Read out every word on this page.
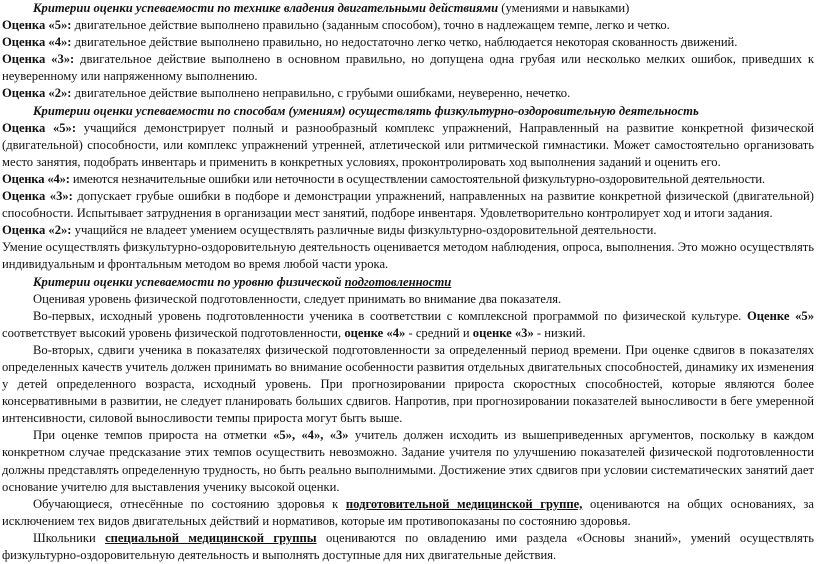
Критерии оценки успеваемости по технике владения двигательными действиями (умениями и навыками)

Оценка «5»: двигательное действие выполнено правильно (заданным способом), точно в надлежащем темпе, легко и четко.

Оценка «4»: двигательное действие выполнено правильно, но недостаточно легко четко, наблюдается некоторая скованность движений.

Оценка «3»: двигательное действие выполнено в основном правильно, но допущена одна грубая или несколько мелких ошибок, приведших к неуверенному или напряженному выполнению.

Оценка «2»: двигательное действие выполнено неправильно, с грубыми ошибками, неуверенно, нечетко.

Критерии оценки успеваемости по способам (умениям) осуществлять физкультурно-оздоровительную деятельность

Оценка «5»: учащийся демонстрирует полный и разнообразный комплекс упражнений, Направленный на развитие конкретной физической (двигательной) способности, или комплекс упражнений утренней, атлетической или ритмической гимнастики. Может самостоятельно организовать место занятия, подобрать инвентарь и применить в конкретных условиях, проконтролировать ход выполнения заданий и оценить его.

Оценка «4»: имеются незначительные ошибки или неточности в осуществлении самостоятельной физкультурно-оздоровительной деятельности.

Оценка «3»: допускает грубые ошибки в подборе и демонстрации упражнений, направленных на развитие конкретной физической (двигательной) способности. Испытывает затруднения в организации мест занятий, подборе инвентаря. Удовлетворительно контролирует ход и итоги задания.

Оценка «2»: учащийся не владеет умением осуществлять различные виды физкультурно-оздоровительной деятельности.

Умение осуществлять физкультурно-оздоровительную деятельность оценивается методом наблюдения, опроса, выполнения. Это можно осуществлять индивидуальным и фронтальным методом во время любой части урока.

Критерии оценки успеваемости по уровню физической подготовленности

Оценивая уровень физической подготовленности, следует принимать во внимание два показателя.

Во-первых, исходный уровень подготовленности ученика в соответствии с комплексной программой по физической культуре. Оценке «5» соответствует высокий уровень физической подготовленности, оценке «4» - средний и оценке «3» - низкий.

Во-вторых, сдвиги ученика в показателях физической подготовленности за определенный период времени. При оценке сдвигов в показателях определенных качеств учитель должен принимать во внимание особенности развития отдельных двигательных способностей, динамику их изменения у детей определенного возраста, исходный уровень. При прогнозировании прироста скоростных способностей, которые являются более консервативными в развитии, не следует планировать больших сдвигов. Напротив, при прогнозировании показателей выносливости в беге умеренной интенсивности, силовой выносливости темпы прироста могут быть выше.

При оценке темпов прироста на отметки «5», «4», «3» учитель должен исходить из вышеприведенных аргументов, поскольку в каждом конкретном случае предсказание этих темпов осуществить невозможно. Задание учителя по улучшению показателей физической подготовленности должны представлять определенную трудность, но быть реально выполнимыми. Достижение этих сдвигов при условии систематических занятий дает основание учителю для выставления ученику высокой оценки.

Обучающиеся, отнесённые по состоянию здоровья к подготовительной медицинской группе, оцениваются на общих основаниях, за исключением тех видов двигательных действий и нормативов, которые им противопоказаны по состоянию здоровья.

Школьники специальной медицинской группы оцениваются по овладению ими раздела «Основы знаний», умений осуществлять физкультурно-оздоровительную деятельность и выполнять доступные для них двигательные действия.
